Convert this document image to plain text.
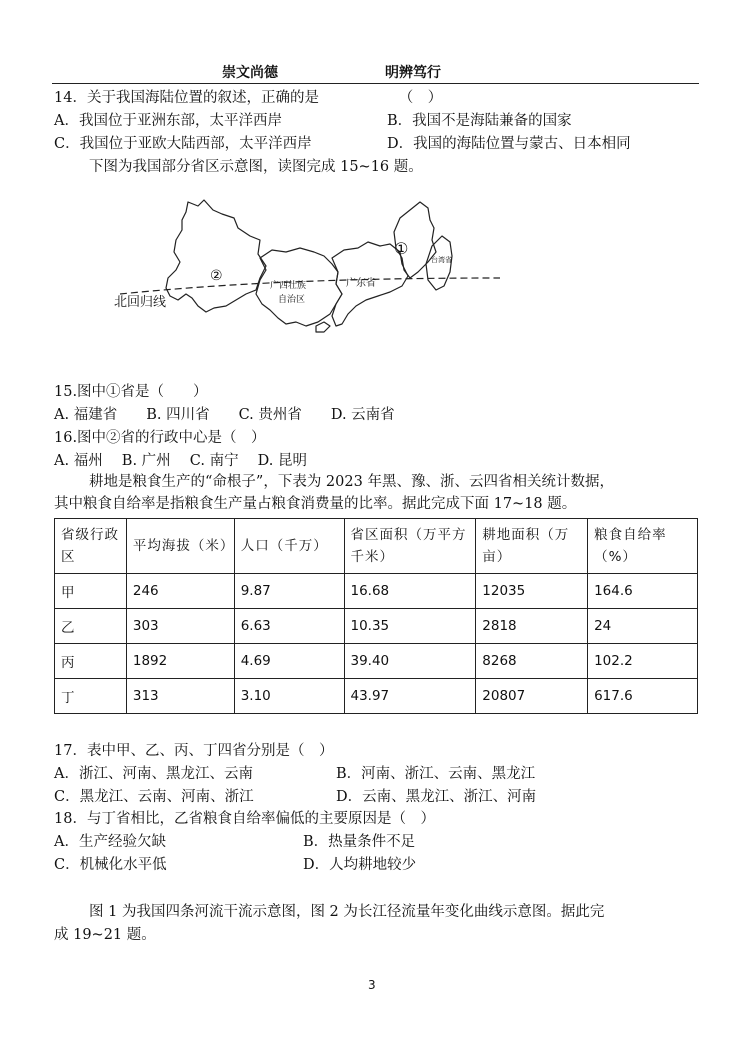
崇文尚德	明辨笃行
14．关于我国海陆位置的叙述，正确的是　　　　　　（　）
A．我国位于亚洲东部，太平洋西岸	B．我国不是海陆兼备的国家
C．我国位于亚欧大陆西部，太平洋西岸	D．我国的海陆位置与蒙古、日本相同
下图为我国部分省区示意图，读图完成 15~16 题。
②
①
北回归线
广西壮族
自治区
广东省
台湾省
15.图中①省是（　　）
A. 福建省　　B. 四川省　　C. 贵州省　　D. 云南省
16.图中②省的行政中心是（　）
A. 福州　 B. 广州　 C. 南宁　 D. 昆明
耕地是粮食生产的“命根子”，下表为 2023 年黑、豫、浙、云四省相关统计数据，
其中粮食自给率是指粮食生产量占粮食消费量的比率。据此完成下面 17~18 题。
省级行政区	平均海拔（米）	人口（千万）	省区面积（万平方千米）	耕地面积（万亩）	粮食自给率（%）
甲	246	9.87	16.68	12035	164.6
乙	303	6.63	10.35	2818	24
丙	1892	4.69	39.40	8268	102.2
丁	313	3.10	43.97	20807	617.6
17．表中甲、乙、丙、丁四省分别是（　）
A．浙江、河南、黑龙江、云南	B．河南、浙江、云南、黑龙江
C．黑龙江、云南、河南、浙江	D．云南、黑龙江、浙江、河南
18．与丁省相比，乙省粮食自给率偏低的主要原因是（　）
A．生产经验欠缺	B．热量条件不足
C．机械化水平低	D．人均耕地较少
图 1 为我国四条河流干流示意图，图 2 为长江径流量年变化曲线示意图。据此完
成 19~21 题。
3
